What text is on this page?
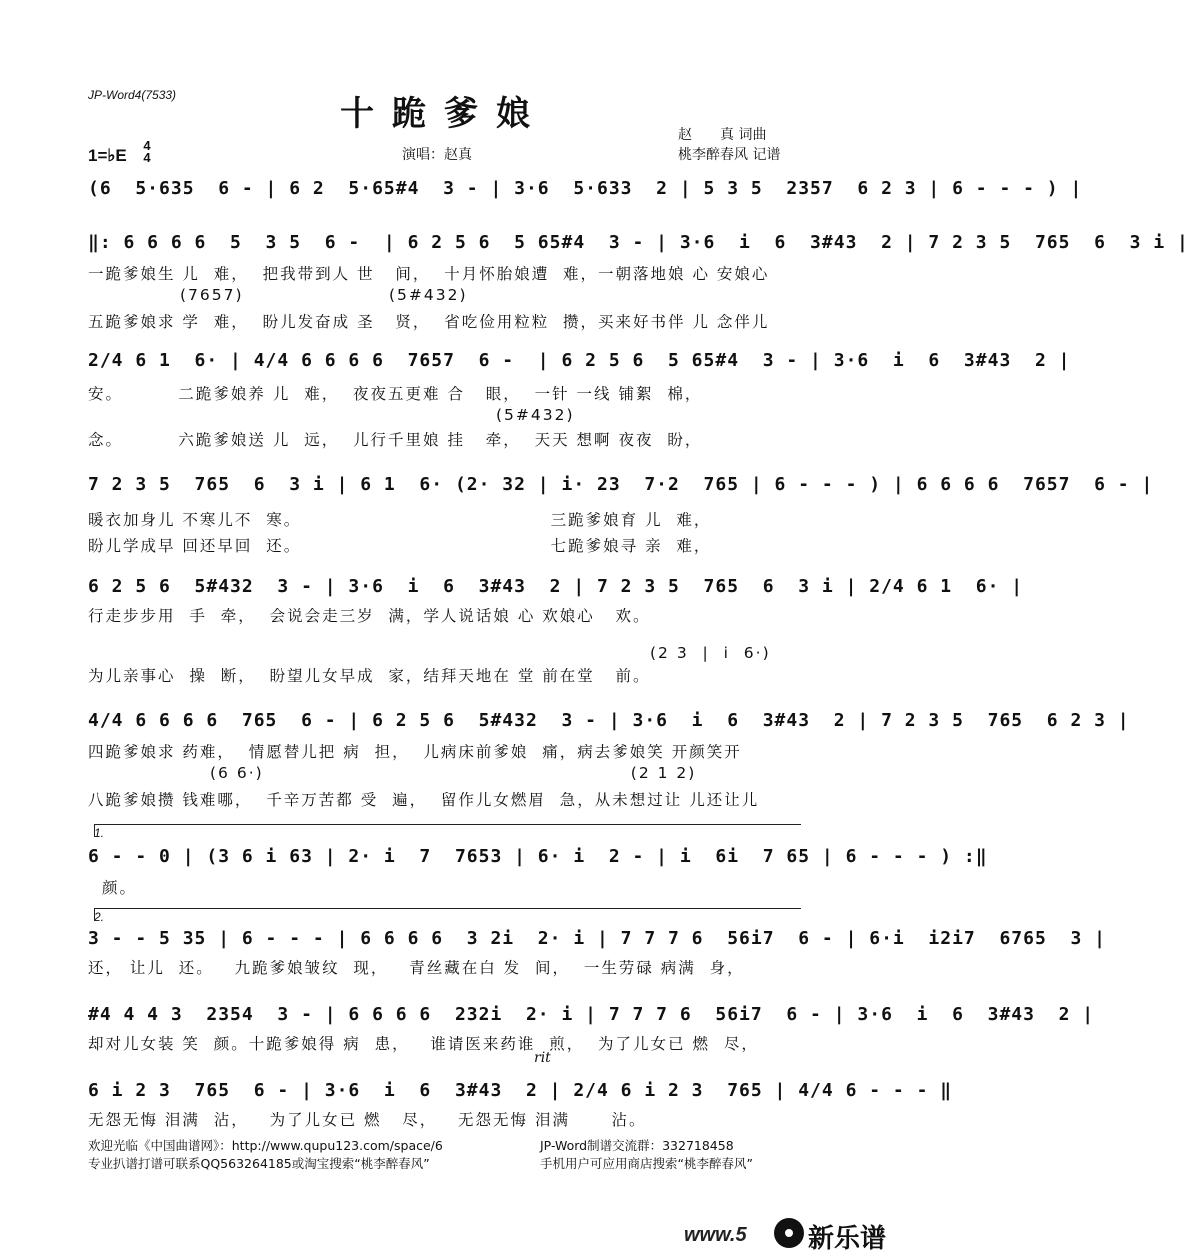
JP-Word4(7533)	十跪爹娘
赵　　真 词曲
1=♭E
4
4	演唱：赵真	桃李醉春风 记谱
(6  5·635  6 - | 6 2  5·65#4  3 - | 3·6  5·633  2 | 5 3 5  2357  6 2 3 | 6 - - - ) |
‖: 6 6 6 6  5  3 5  6 -  | 6 2 5 6  5 65#4  3 - | 3·6  i  6  3#43  2 | 7 2 3 5  765  6  3 i |
一跪爹娘生 儿  难，  把我带到人 世   间，  十月怀胎娘遭  难，一朝落地娘 心 安娘心
(7657)                     (5#432)
五跪爹娘求 学  难，  盼儿发奋成 圣   贤，  省吃俭用粒粒  攒，买来好书伴 儿 念伴儿
2/4 6 1  6· | 4/4 6 6 6 6  7657  6 -  | 6 2 5 6  5 65#4  3 - | 3·6  i  6  3#43  2 |
安。        二跪爹娘养 儿  难，  夜夜五更难 合   眼，  一针 一线 铺絮  棉，
(5#432)
念。        六跪爹娘送 儿  远，  儿行千里娘 挂   牵，  天天 想啊 夜夜  盼，
7 2 3 5  765  6  3 i | 6 1  6· (2· 32 | i· 23  7·2  765 | 6 - - - ) | 6 6 6 6  7657  6 - |
暖衣加身儿 不寒儿不  寒。                                    三跪爹娘育 儿  难，
盼儿学成早 回还早回  还。                                    七跪爹娘寻 亲  难，
6 2 5 6  5#432  3 - | 3·6  i  6  3#43  2 | 7 2 3 5  765  6  3 i | 2/4 6 1  6· |
行走步步用  手  牵，  会说会走三岁  满，学人说话娘 心 欢娘心   欢。
(2 3  |  i  6·)
为儿亲事心  操  断，  盼望儿女早成  家，结拜天地在 堂 前在堂   前。
4/4 6 6 6 6  765  6 - | 6 2 5 6  5#432  3 - | 3·6  i  6  3#43  2 | 7 2 3 5  765  6 2 3 |
四跪爹娘求 药难，  情愿替儿把 病  担，  儿病床前爹娘  痛，病去爹娘笑 开颜笑开
(6 6·)                                                     (2 1 2)
八跪爹娘攒 钱难哪，  千辛万苦都 受  遍，  留作儿女燃眉  急，从未想过让 儿还让儿
1.
6 - - 0 | (3 6 i 63 | 2· i  7  7653 | 6· i  2 - | i  6i  7 65 | 6 - - - ) :‖
颜。
2.
3 - - 5 35 | 6 - - - | 6 6 6 6  3 2i  2· i | 7 7 7 6  56i7  6 - | 6·i  i2i7  6765  3 |
还， 让儿  还。   九跪爹娘皱纹  现，   青丝藏在白 发  间，  一生劳碌 病满  身，
#4 4 4 3  2354  3 - | 6 6 6 6  232i  2· i | 7 7 7 6  56i7  6 - | 3·6  i  6  3#43  2 |
却对儿女装 笑  颜。十跪爹娘得 病  患，   谁请医来药谁  煎，  为了儿女已 燃  尽，
rit
6 i 2 3  765  6 - | 3·6  i  6  3#43  2 | 2/4 6 i 2 3  765 | 4/4 6 - - - ‖
无怨无悔 泪满  沾，   为了儿女已 燃   尽，   无怨无悔 泪满      沾。
欢迎光临《中国曲谱网》：http://www.qupu123.com/space/6
专业扒谱打谱可联系QQ563264185或淘宝搜索“桃李醉春风”
JP-Word制谱交流群：332718458
手机用户可应用商店搜索“桃李醉春风”
www.5 新乐谱
